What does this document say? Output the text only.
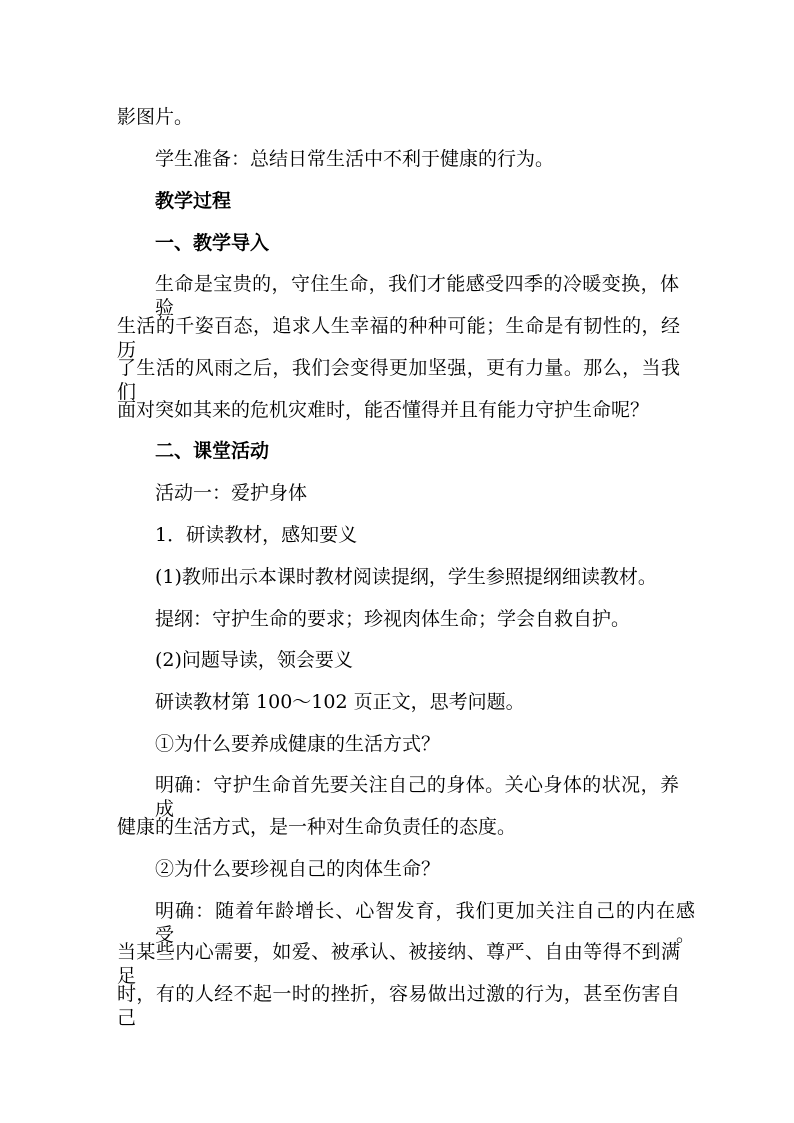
影图片。
学生准备：总结日常生活中不利于健康的行为。
教学过程
一、教学导入
生命是宝贵的，守住生命，我们才能感受四季的冷暖变换，体验
生活的千姿百态，追求人生幸福的种种可能；生命是有韧性的，经历
了生活的风雨之后，我们会变得更加坚强，更有力量。那么，当我们
面对突如其来的危机灾难时，能否懂得并且有能力守护生命呢？
二、课堂活动
活动一：爱护身体
1．研读教材，感知要义
(1)教师出示本课时教材阅读提纲，学生参照提纲细读教材。
提纲：守护生命的要求；珍视肉体生命；学会自救自护。
(2)问题导读，领会要义
研读教材第 100～102 页正文，思考问题。
①为什么要养成健康的生活方式？
明确：守护生命首先要关注自己的身体。关心身体的状况，养成
健康的生活方式，是一种对生命负责任的态度。
②为什么要珍视自己的肉体生命？
明确：随着年龄增长、心智发育，我们更加关注自己的内在感受。
当某些内心需要，如爱、被承认、被接纳、尊严、自由等得不到满足
时，有的人经不起一时的挫折，容易做出过激的行为，甚至伤害自己
